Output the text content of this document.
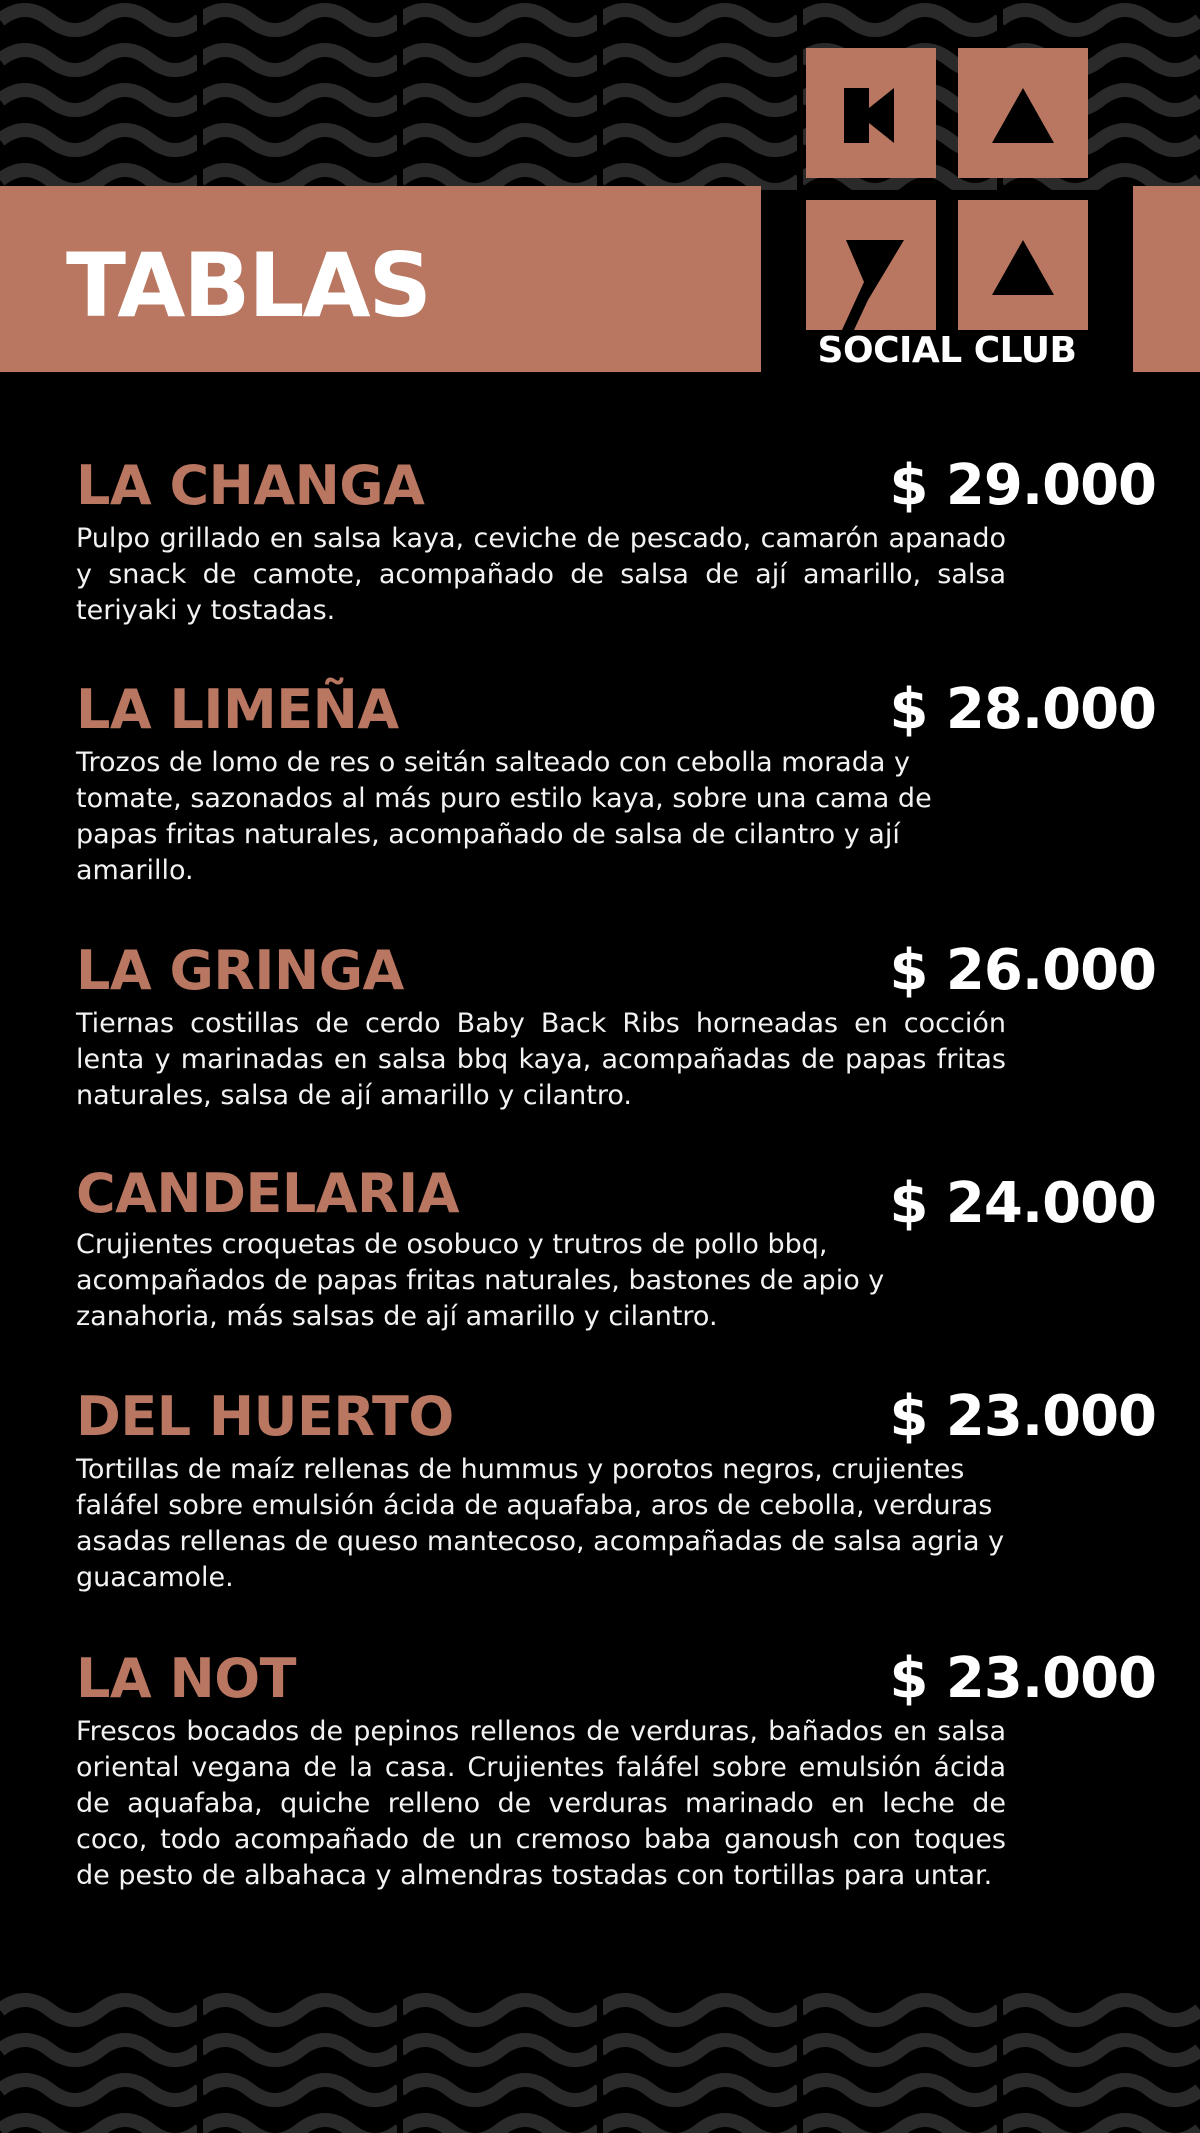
TABLAS
SOCIAL CLUB
LA CHANGA	$ 29.000
Pulpo grillado en salsa kaya, ceviche de pescado, camarón apanado y snack de camote, acompañado de salsa de ají amarillo, salsa teriyaki y tostadas.
LA LIMEÑA	$ 28.000
Trozos de lomo de res o seitán salteado con cebolla morada y tomate, sazonados al más puro estilo kaya, sobre una cama de papas fritas naturales, acompañado de salsa de cilantro y ají amarillo.
LA GRINGA	$ 26.000
Tiernas costillas de cerdo Baby Back Ribs horneadas en cocción lenta y marinadas en salsa bbq kaya, acompañadas de papas fritas naturales, salsa de ají amarillo y cilantro.
CANDELARIA	$ 24.000
Crujientes croquetas de osobuco y trutros de pollo bbq, acompañados de papas fritas naturales, bastones de apio y zanahoria, más salsas de ají amarillo y cilantro.
DEL HUERTO	$ 23.000
Tortillas de maíz rellenas de hummus y porotos negros, crujientes faláfel sobre emulsión ácida de aquafaba, aros de cebolla, verduras asadas rellenas de queso mantecoso, acompañadas de salsa agria y guacamole.
LA NOT	$ 23.000
Frescos bocados de pepinos rellenos de verduras, bañados en salsa oriental vegana de la casa. Crujientes faláfel sobre emulsión ácida de aquafaba, quiche relleno de verduras marinado en leche de coco, todo acompañado de un cremoso baba ganoush con toques de pesto de albahaca y almendras tostadas con tortillas para untar.
